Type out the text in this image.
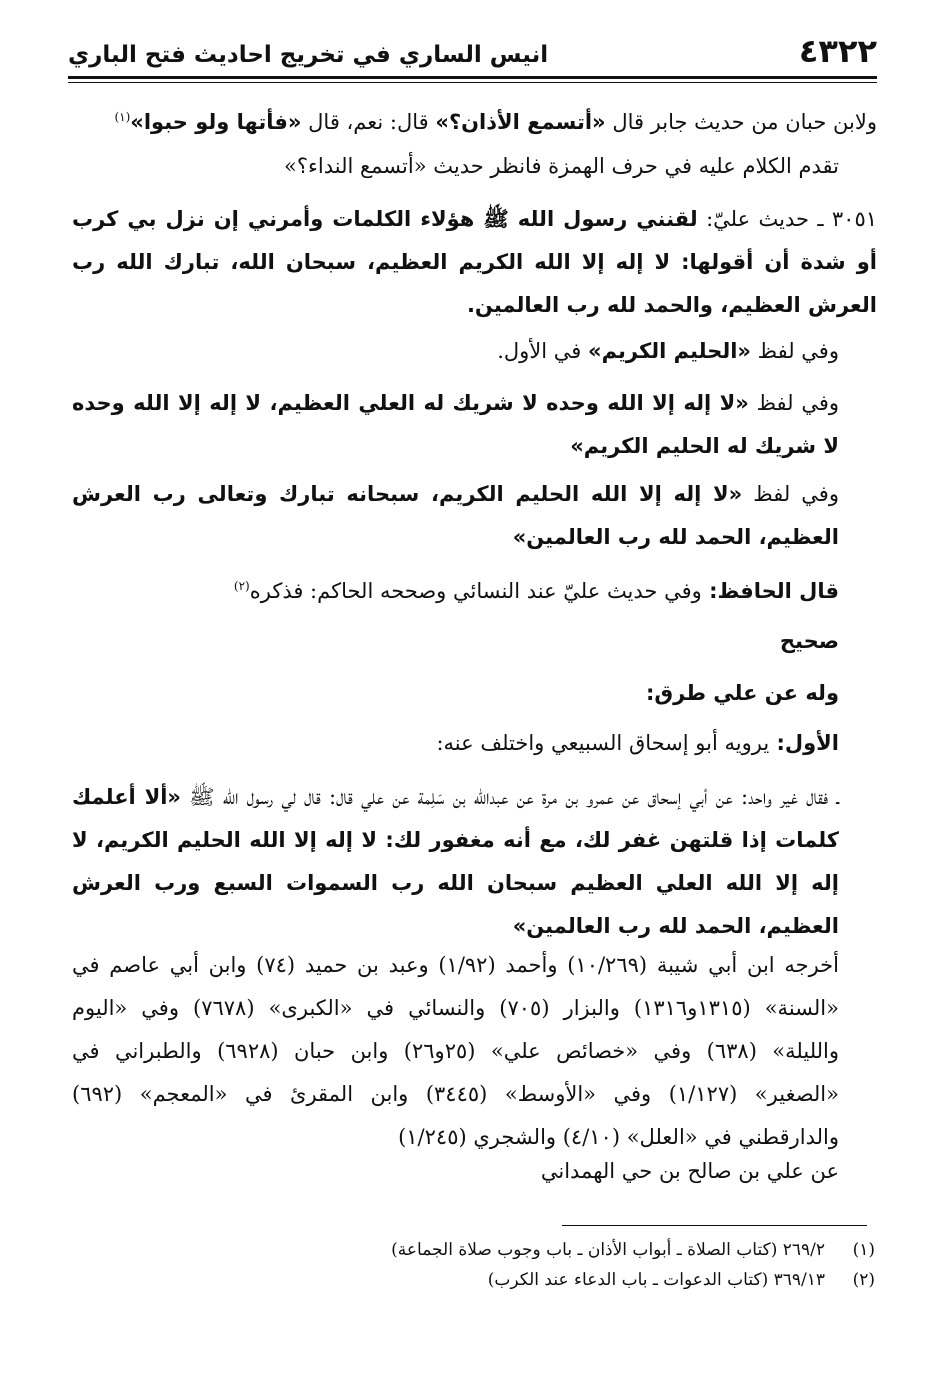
٤٣٢٢
انيس الساري في تخريج احاديث فتح الباري
ولابن حبان من حديث جابر قال «أتسمع الأذان؟» قال: نعم، قال «فأتها ولو حبوا»$^{(١)}$
تقدم الكلام عليه في حرف الهمزة فانظر حديث «أتسمع النداء؟»
٣٠٥١ ـ حديث عليّ: لقنني رسول الله ﷺ هؤلاء الكلمات وأمرني إن نزل بي كرب أو شدة أن أقولها: لا إله إلا الله الكريم العظيم، سبحان الله، تبارك الله رب العرش العظيم، والحمد لله رب العالمين.
وفي لفظ «الحليم الكريم» في الأول.
وفي لفظ «لا إله إلا الله وحده لا شريك له العلي العظيم، لا إله إلا الله وحده لا شريك له الحليم الكريم»
وفي لفظ «لا إله إلا الله الحليم الكريم، سبحانه تبارك وتعالى رب العرش العظيم، الحمد لله رب العالمين»
قال الحافظ: وفي حديث عليّ عند النسائي وصححه الحاكم: فذكره$^{(٢)}$
صحيح
وله عن علي طرق:
الأول: يرويه أبو إسحاق السبيعي واختلف عنه:
ـ فقال غير واحد: عن أبي إسحاق عن عمرو بن مرة عن عبدالله بن سَلِمة عن علي قال: قال لي رسول الله ﷺ «ألا أعلمك كلمات إذا قلتهن غفر لك، مع أنه مغفور لك: لا إله إلا الله الحليم الكريم، لا إله إلا الله العلي العظيم سبحان الله رب السموات السبع ورب العرش العظيم، الحمد لله رب العالمين»
أخرجه ابن أبي شيبة (١٠/٢٦٩) وأحمد (١/٩٢) وعبد بن حميد (٧٤) وابن أبي عاصم في «السنة» (١٣١٥و١٣١٦) والبزار (٧٠٥) والنسائي في «الكبرى» (٧٦٧٨) وفي «اليوم والليلة» (٦٣٨) وفي «خصائص علي» (٢٥و٢٦) وابن حبان (٦٩٢٨) والطبراني في «الصغير» (١/١٢٧) وفي «الأوسط» (٣٤٤٥) وابن المقرئ في «المعجم» (٦٩٢) والدارقطني في «العلل» (٤/١٠) والشجري (١/٢٤٥)
عن علي بن صالح بن حي الهمداني
(١)٢٦٩/٢ (كتاب الصلاة ـ أبواب الأذان ـ باب وجوب صلاة الجماعة)
(٢)٣٦٩/١٣ (كتاب الدعوات ـ باب الدعاء عند الكرب)
